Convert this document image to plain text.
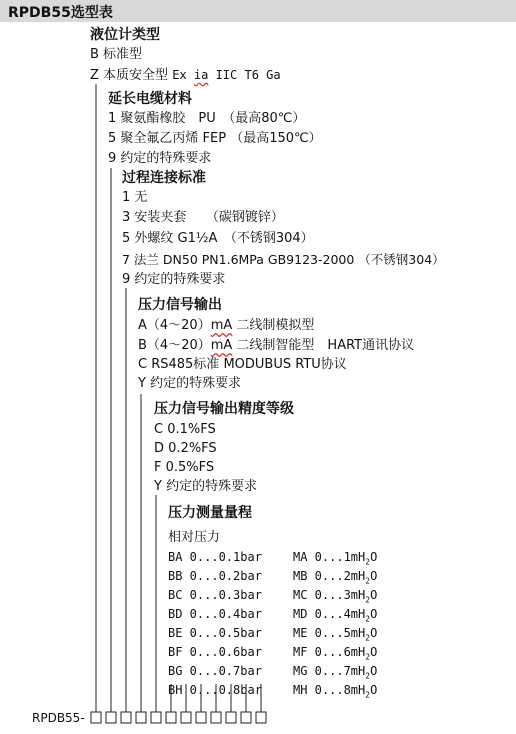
RPDB55选型表
液位计类型
B 标准型
Z 本质安全型 Ex ia IIC T6 Ga
延长电缆材料
1 聚氨酯橡胶　PU　（最高80℃）
5 聚全氟乙丙烯 FEP （最高150℃）
9 约定的特殊要求
过程连接标准
1 无
3 安装夹套　　（碳钢镀锌）
5 外螺纹 G1½A　（不锈钢304）
7 法兰 DN50 PN1.6MPa GB9123-2000 （不锈钢304）
9 约定的特殊要求
压力信号输出
A（4～20）mA 二线制模拟型
B（4～20）mA 二线制智能型　HART通讯协议
C RS485标准 MODUBUS RTU协议
Y 约定的特殊要求
压力信号输出精度等级
C 0.1%FS
D 0.2%FS
F 0.5%FS
Y 约定的特殊要求
压力测量量程
相对压力
BA 0...0.1bar	MA $0...1mH_2O$
BB 0...0.2bar	MB $0...2mH_2O$
BC 0...0.3bar	MC $0...3mH_2O$
BD 0...0.4bar	MD $0...4mH_2O$
BE 0...0.5bar	ME $0...5mH_2O$
BF 0...0.6bar	MF $0...6mH_2O$
BG 0...0.7bar	MG $0...7mH_2O$
BH 0...0.8bar	MH $0...8mH_2O$
RPDB55-
